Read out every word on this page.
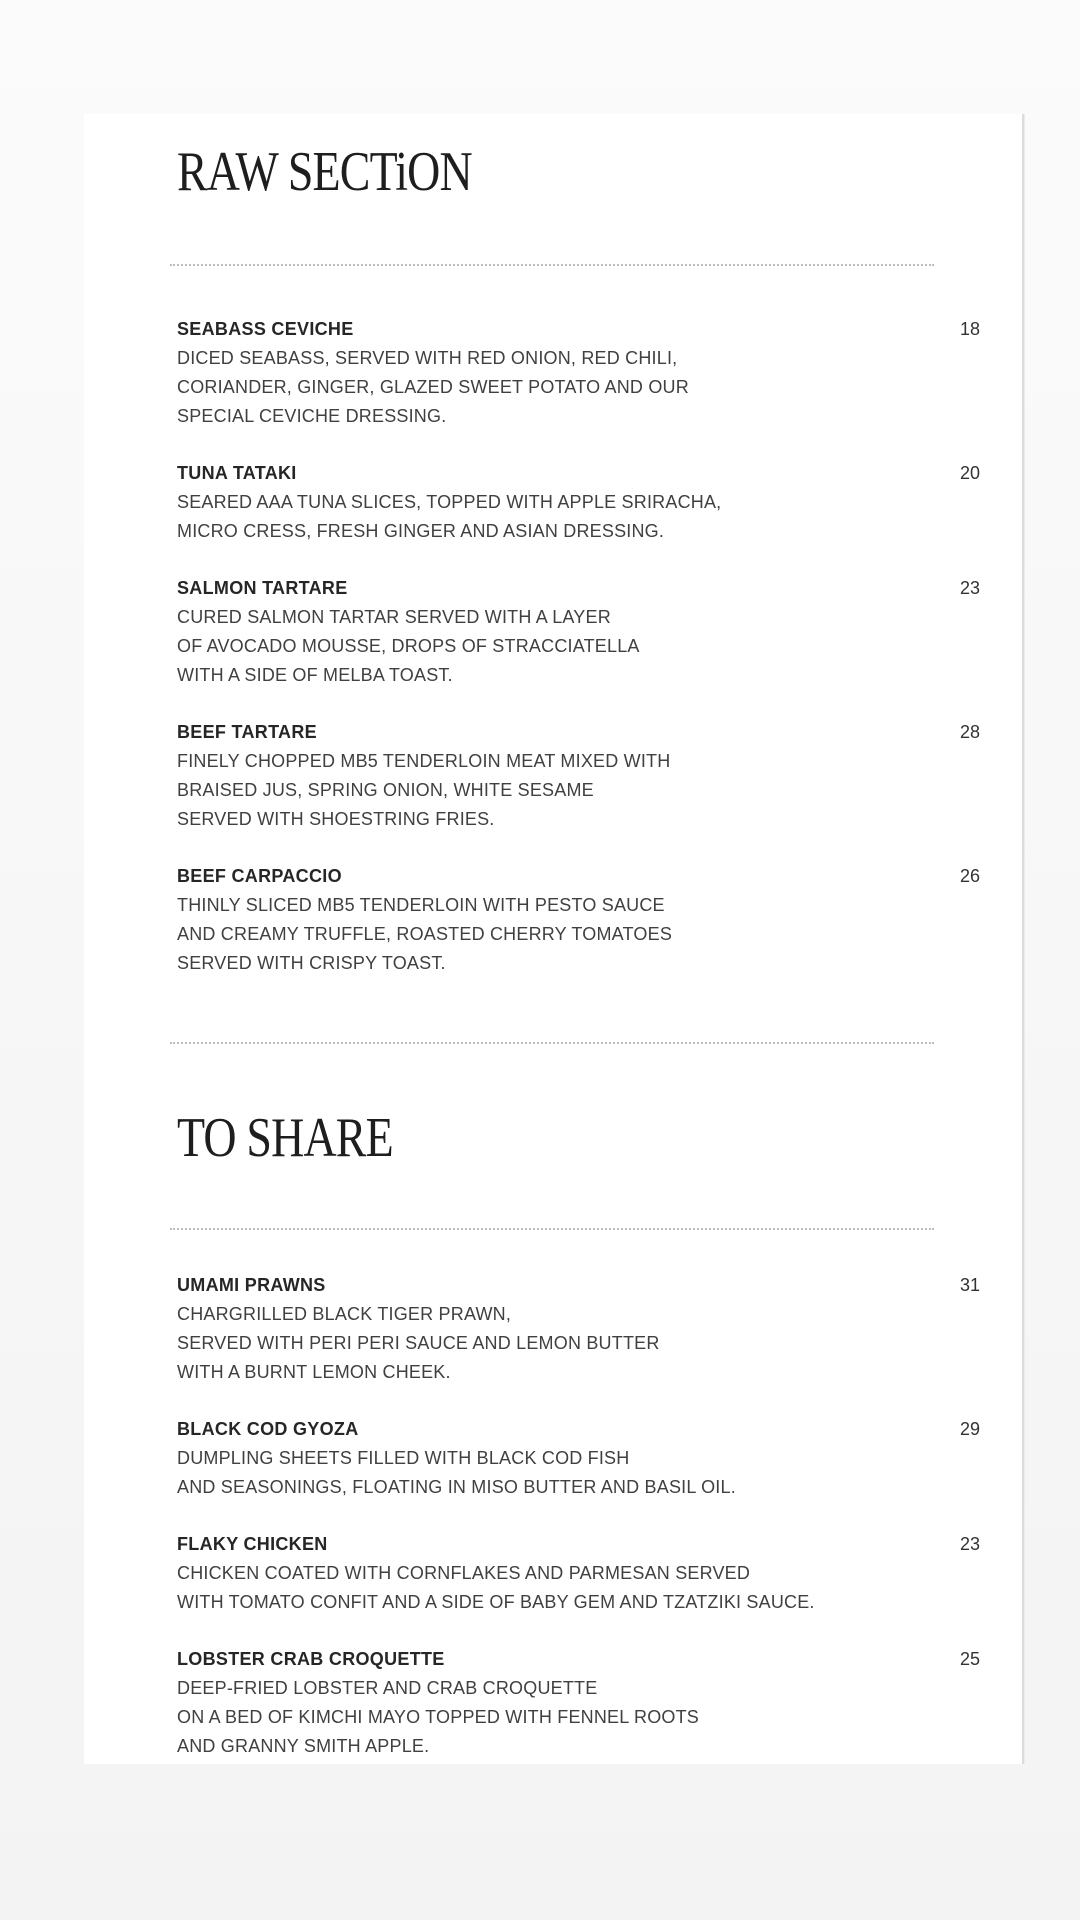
RAW SECTiON
SEABASS CEVICHE	18
DICED SEABASS, SERVED WITH RED ONION, RED CHILI,
CORIANDER, GINGER, GLAZED SWEET POTATO AND OUR
SPECIAL CEVICHE DRESSING.
TUNA TATAKI	20
SEARED AAA TUNA SLICES, TOPPED WITH APPLE SRIRACHA,
MICRO CRESS, FRESH GINGER AND ASIAN DRESSING.
SALMON TARTARE	23
CURED SALMON TARTAR SERVED WITH A LAYER
OF AVOCADO MOUSSE, DROPS OF STRACCIATELLA
WITH A SIDE OF MELBA TOAST.
BEEF TARTARE	28
FINELY CHOPPED MB5 TENDERLOIN MEAT MIXED WITH
BRAISED JUS, SPRING ONION, WHITE SESAME
SERVED WITH SHOESTRING FRIES.
BEEF CARPACCIO	26
THINLY SLICED MB5 TENDERLOIN WITH PESTO SAUCE
AND CREAMY TRUFFLE, ROASTED CHERRY TOMATOES
SERVED WITH CRISPY TOAST.
TO SHARE
UMAMI PRAWNS	31
CHARGRILLED BLACK TIGER PRAWN,
SERVED WITH PERI PERI SAUCE AND LEMON BUTTER
WITH A BURNT LEMON CHEEK.
BLACK COD GYOZA	29
DUMPLING SHEETS FILLED WITH BLACK COD FISH
AND SEASONINGS, FLOATING IN MISO BUTTER AND BASIL OIL.
FLAKY CHICKEN	23
CHICKEN COATED WITH CORNFLAKES AND PARMESAN SERVED
WITH TOMATO CONFIT AND A SIDE OF BABY GEM AND TZATZIKI SAUCE.
LOBSTER CRAB CROQUETTE	25
DEEP-FRIED LOBSTER AND CRAB CROQUETTE
ON A BED OF KIMCHI MAYO TOPPED WITH FENNEL ROOTS
AND GRANNY SMITH APPLE.
